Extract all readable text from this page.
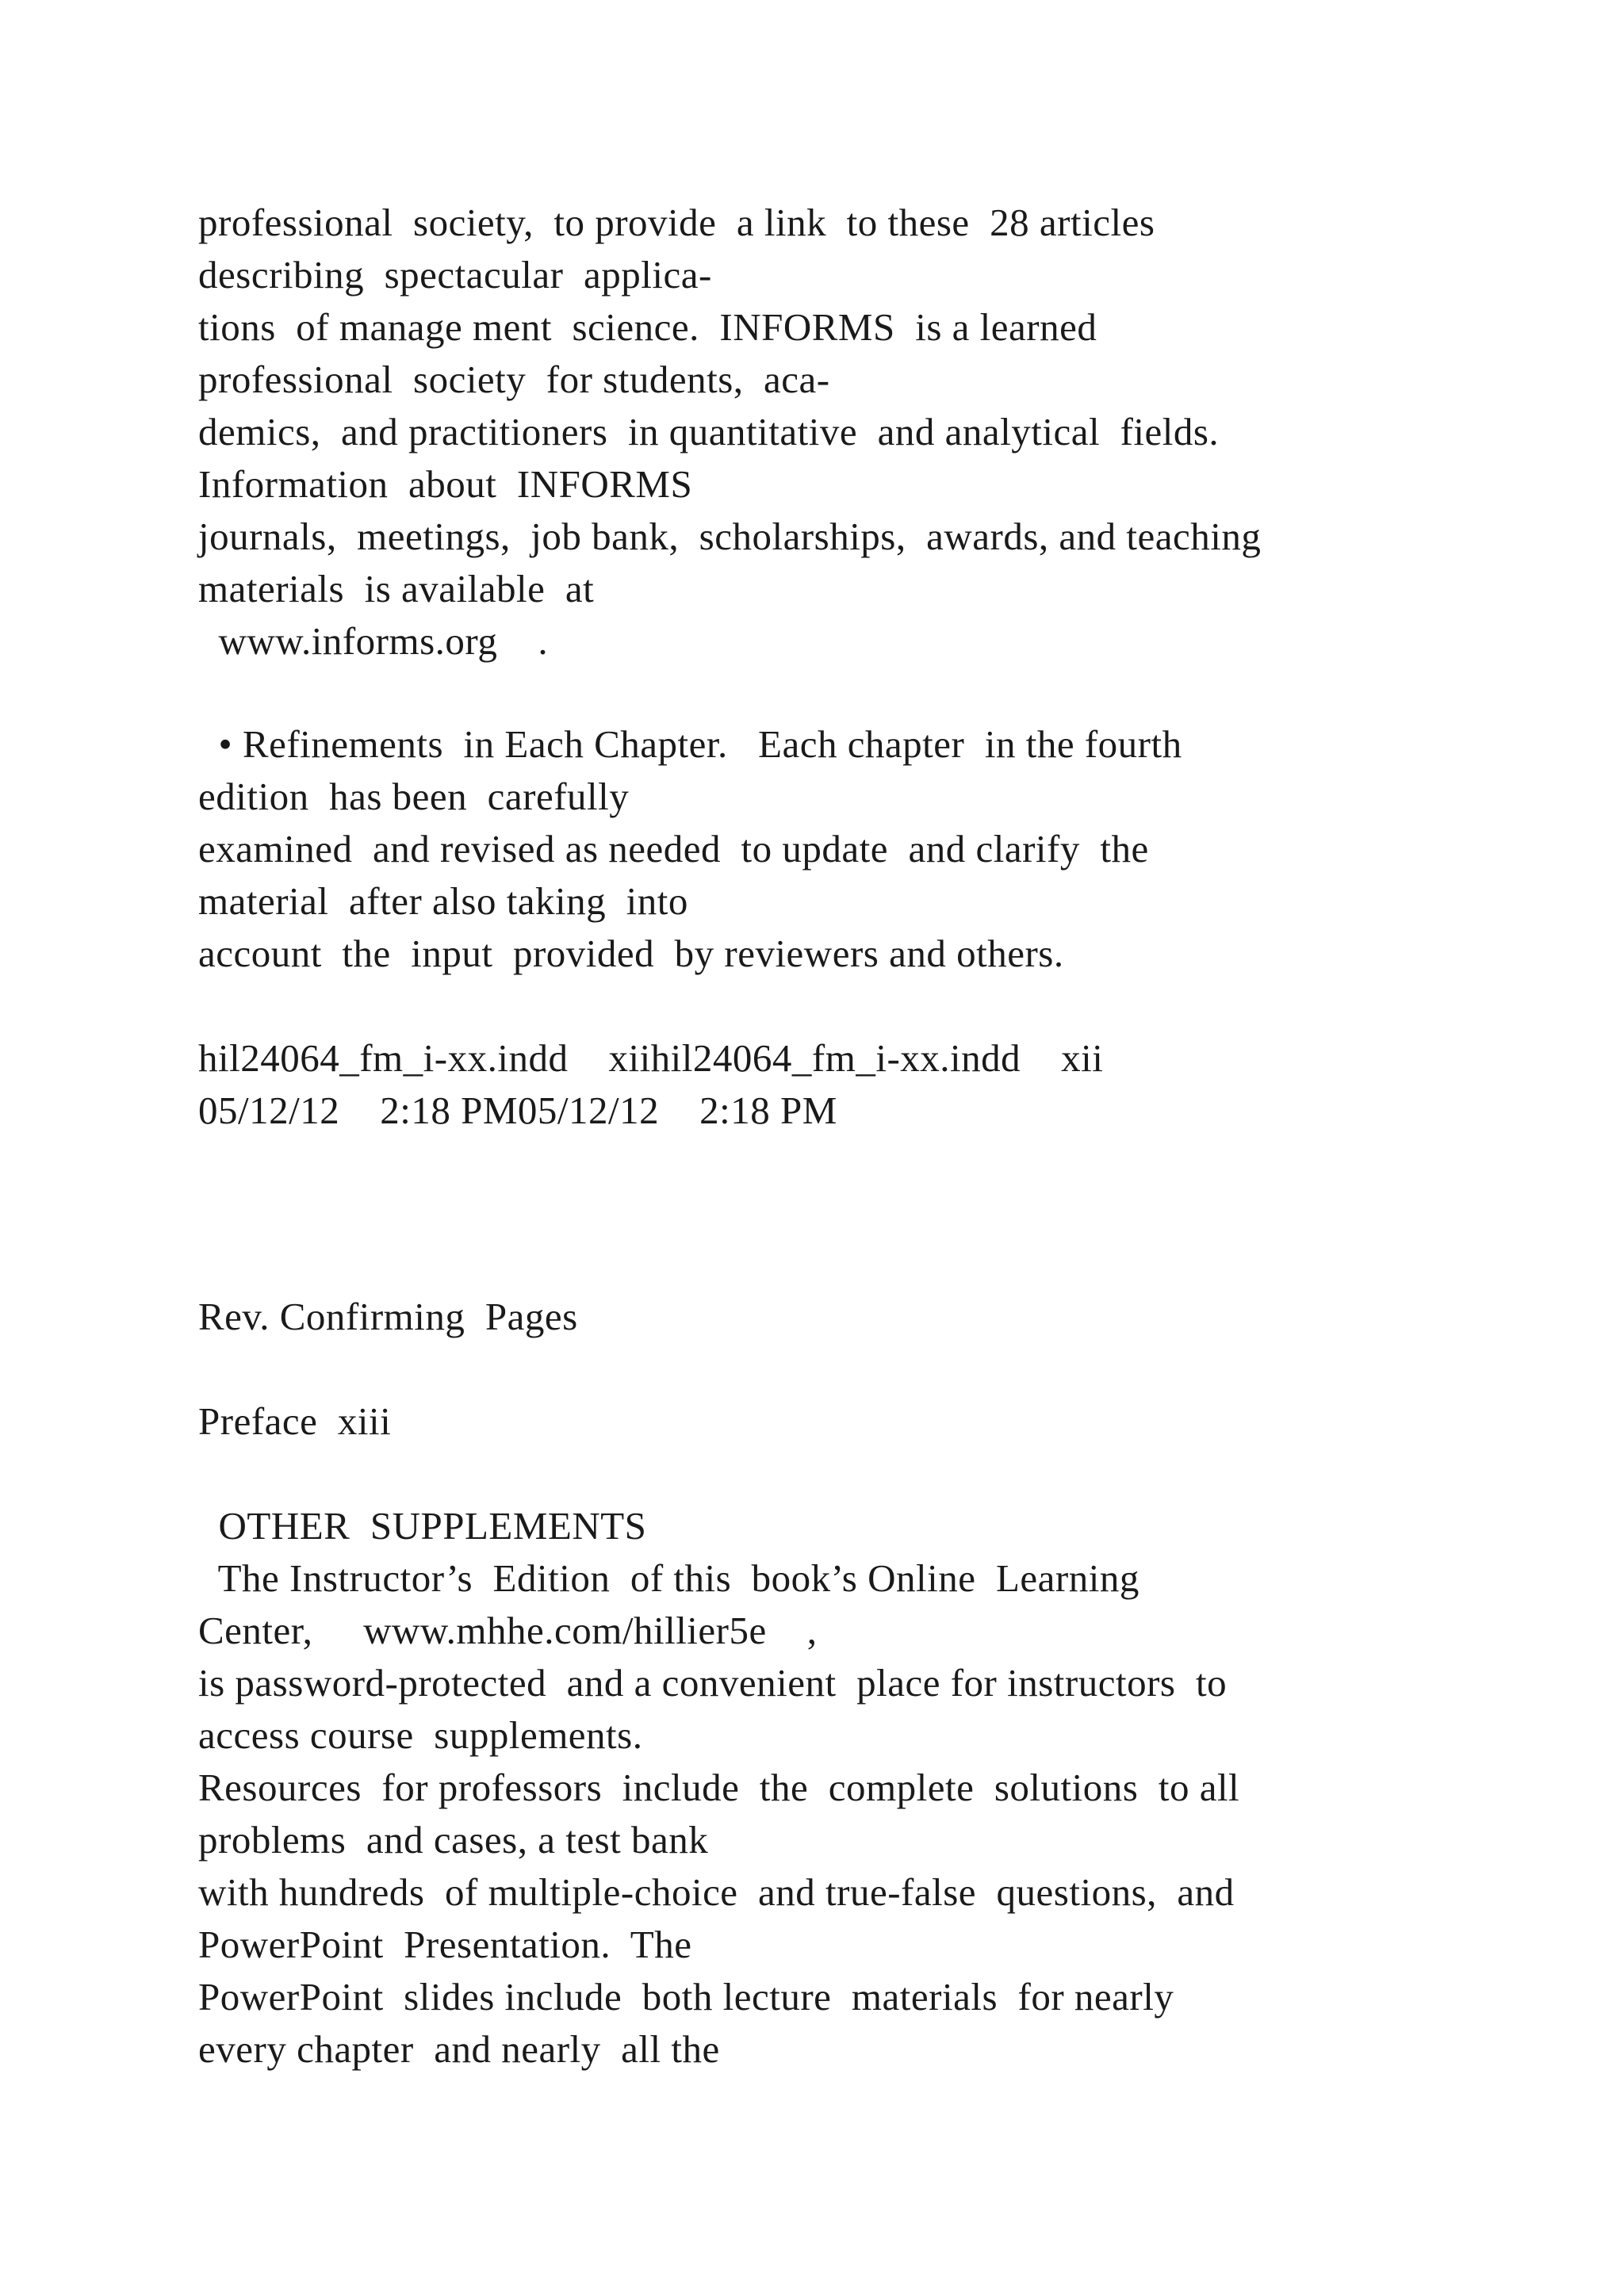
professional  society,  to provide  a link  to these  28 articles
describing  spectacular  applica-
tions  of manage ment  science.  INFORMS  is a learned
professional  society  for students,  aca-
demics,  and practitioners  in quantitative  and analytical  fields.
Information  about  INFORMS
journals,  meetings,  job bank,  scholarships,  awards, and teaching
materials  is available  at
www.informs.org    .
• Refinements  in Each Chapter.   Each chapter  in the fourth
edition  has been  carefully
examined  and revised as needed  to update  and clarify  the
material  after also taking  into
account  the  input  provided  by reviewers and others.
hil24064_fm_i-xx.indd    xiihil24064_fm_i-xx.indd    xii
05/12/12    2:18 PM05/12/12    2:18 PM
Rev. Confirming  Pages
Preface  xiii
OTHER  SUPPLEMENTS
The Instructor’s  Edition  of this  book’s Online  Learning
Center,     www.mhhe.com/hillier5e    ,
is password-protected  and a convenient  place for instructors  to
access course  supplements.
Resources  for professors  include  the  complete  solutions  to all
problems  and cases, a test bank
with hundreds  of multiple-choice  and true-false  questions,  and
PowerPoint  Presentation.  The
PowerPoint  slides include  both lecture  materials  for nearly
every chapter  and nearly  all the
